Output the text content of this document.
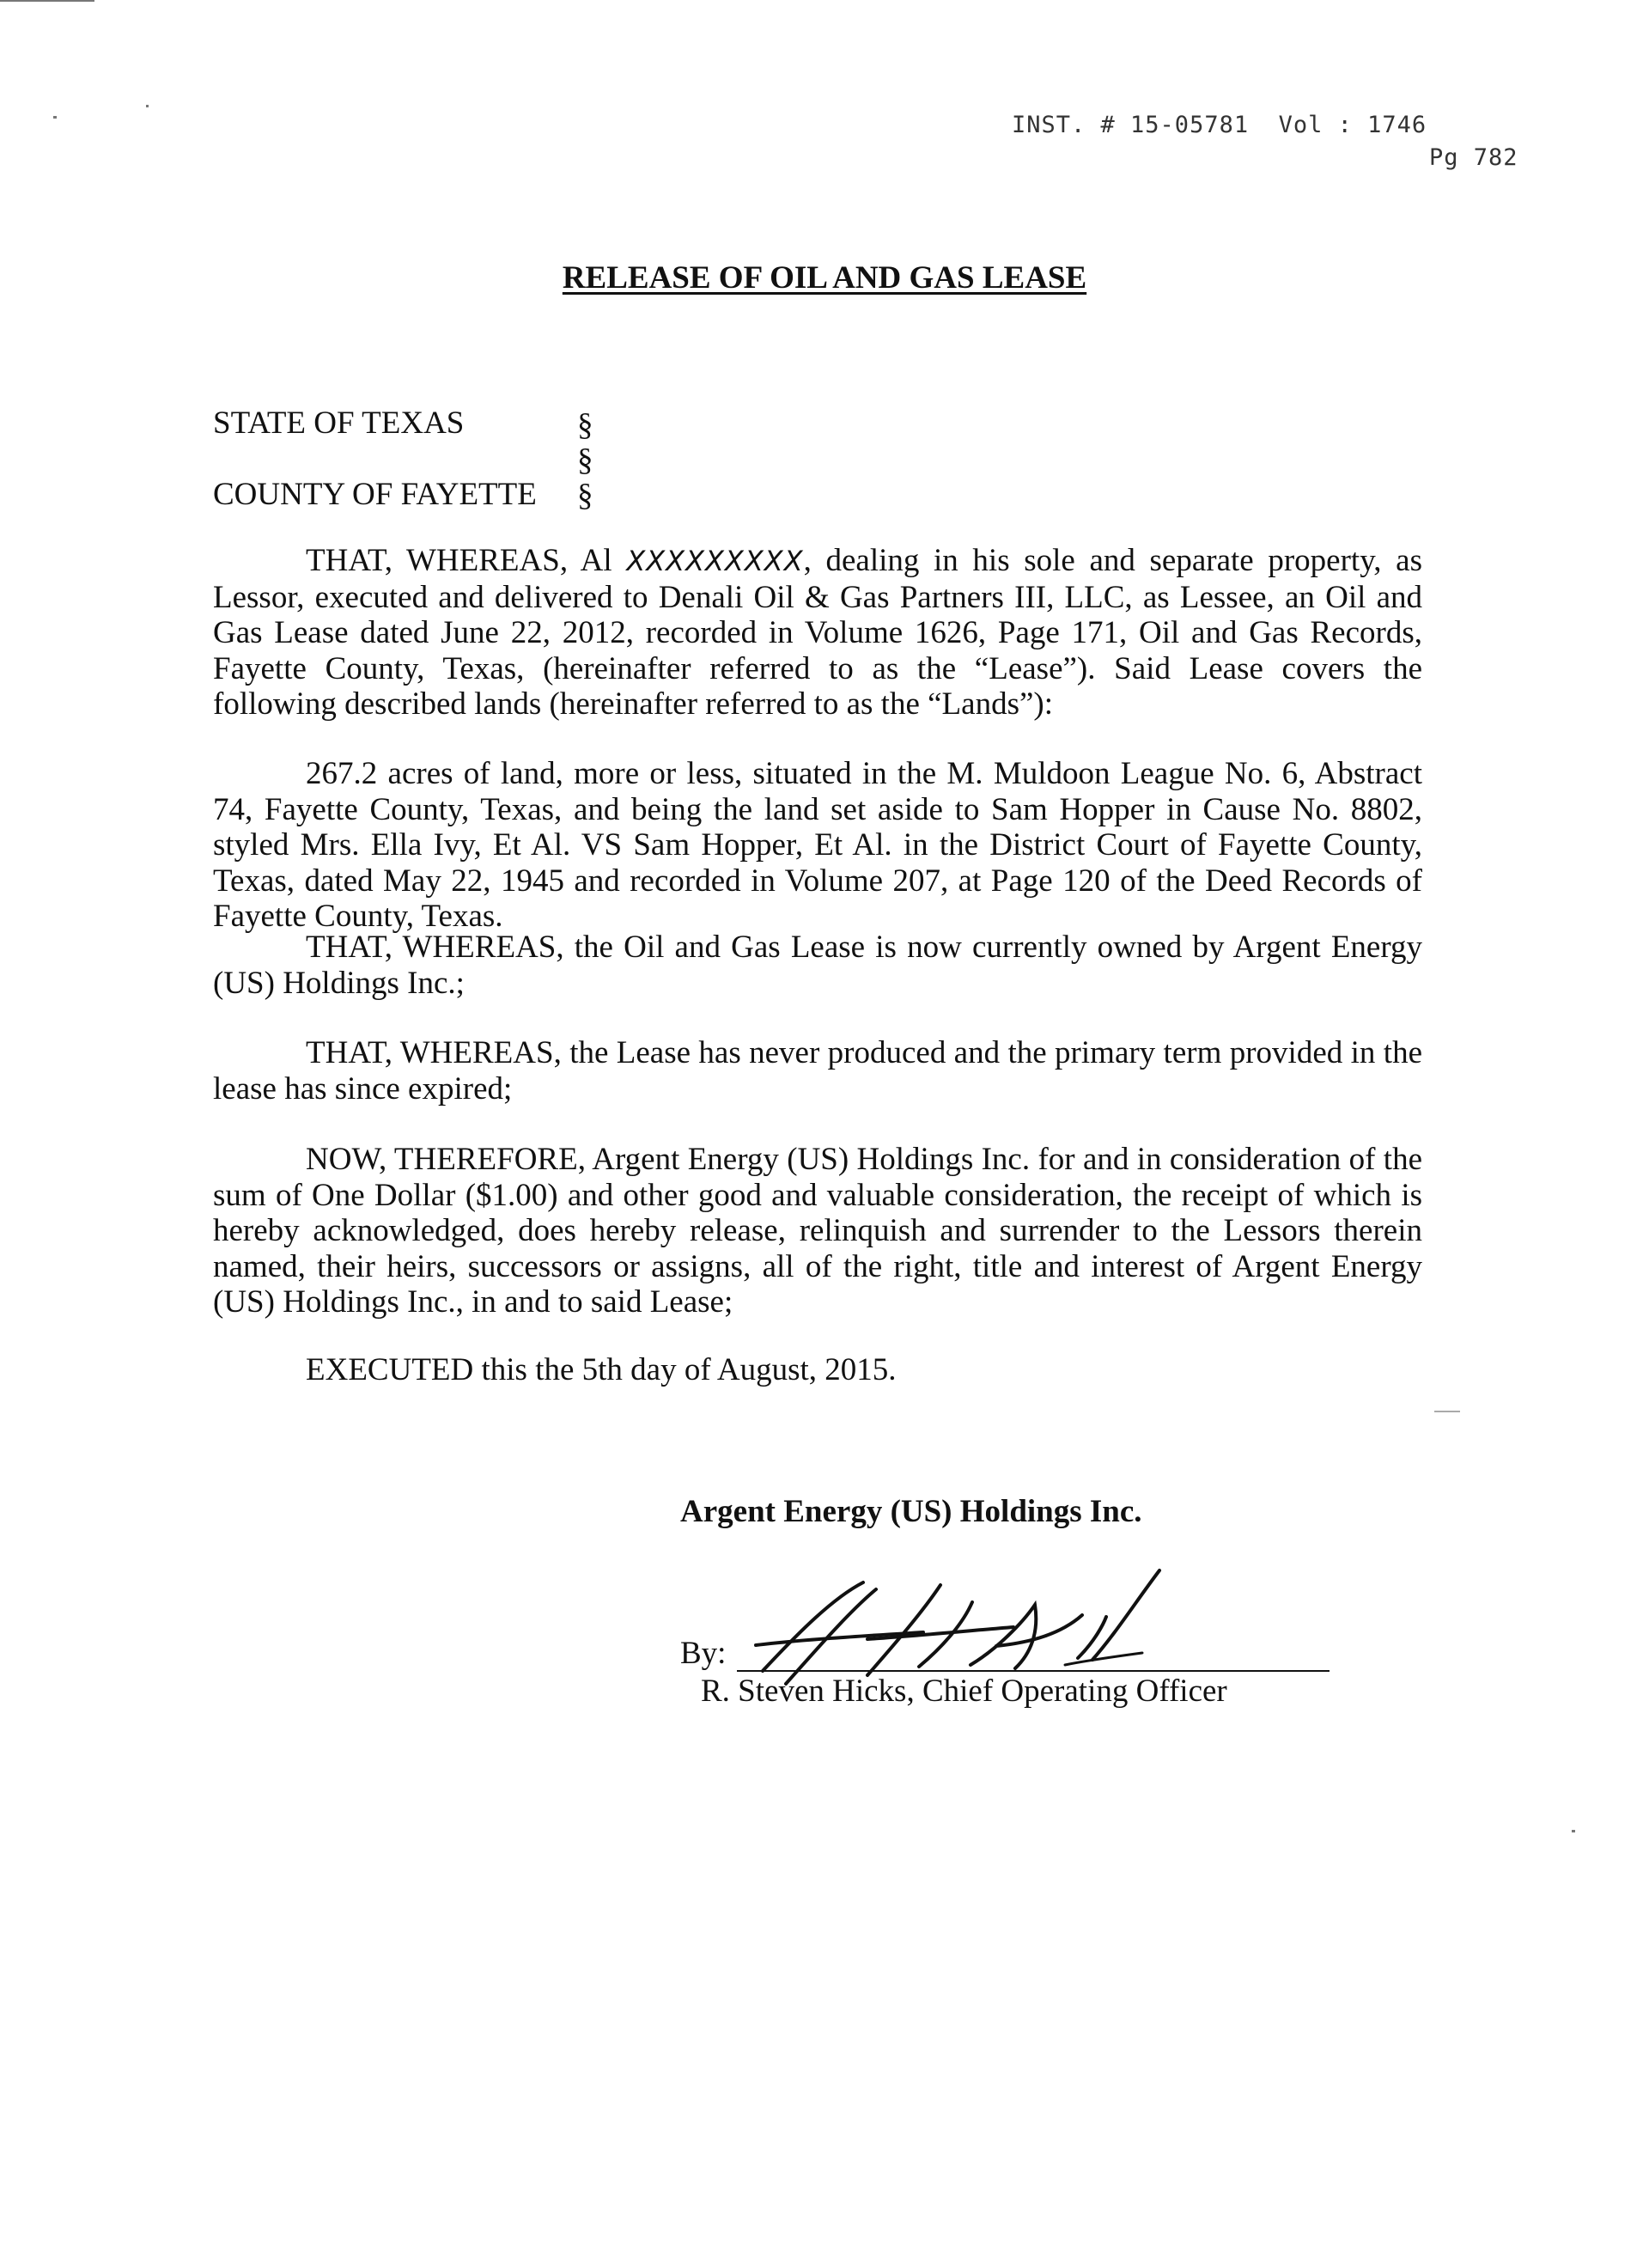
INST. # 15-05781  Vol : 1746
Pg 782
RELEASE OF OIL AND GAS LEASE
STATE OF TEXAS
COUNTY OF FAYETTE
§
§
§
THAT, WHEREAS, Al XXXXXXXXX, dealing in his sole and separate property, as Lessor, executed and delivered to Denali Oil & Gas Partners III, LLC, as Lessee, an Oil and Gas Lease dated June 22, 2012, recorded in Volume 1626, Page 171, Oil and Gas Records, Fayette County, Texas, (hereinafter referred to as the “Lease”). Said Lease covers the following described lands (hereinafter referred to as the “Lands”):
267.2 acres of land, more or less, situated in the M. Muldoon League No. 6, Abstract 74, Fayette County, Texas, and being the land set aside to Sam Hopper in Cause No. 8802, styled Mrs. Ella Ivy, Et Al. VS Sam Hopper, Et Al. in the District Court of Fayette County, Texas, dated May 22, 1945 and recorded in Volume 207, at Page 120 of the Deed Records of Fayette County, Texas.
THAT, WHEREAS, the Oil and Gas Lease is now currently owned by Argent Energy (US) Holdings Inc.;
THAT, WHEREAS, the Lease has never produced and the primary term provided in the lease has since expired;
NOW, THEREFORE, Argent Energy (US) Holdings Inc. for and in consideration of the sum of One Dollar ($1.00) and other good and valuable consideration, the receipt of which is hereby acknowledged, does hereby release, relinquish and surrender to the Lessors therein named, their heirs, successors or assigns, all of the right, title and interest of Argent Energy (US) Holdings Inc., in and to said Lease;
EXECUTED this the 5th day of August, 2015.
Argent Energy (US) Holdings Inc.
By:
R. Steven Hicks, Chief Operating Officer
